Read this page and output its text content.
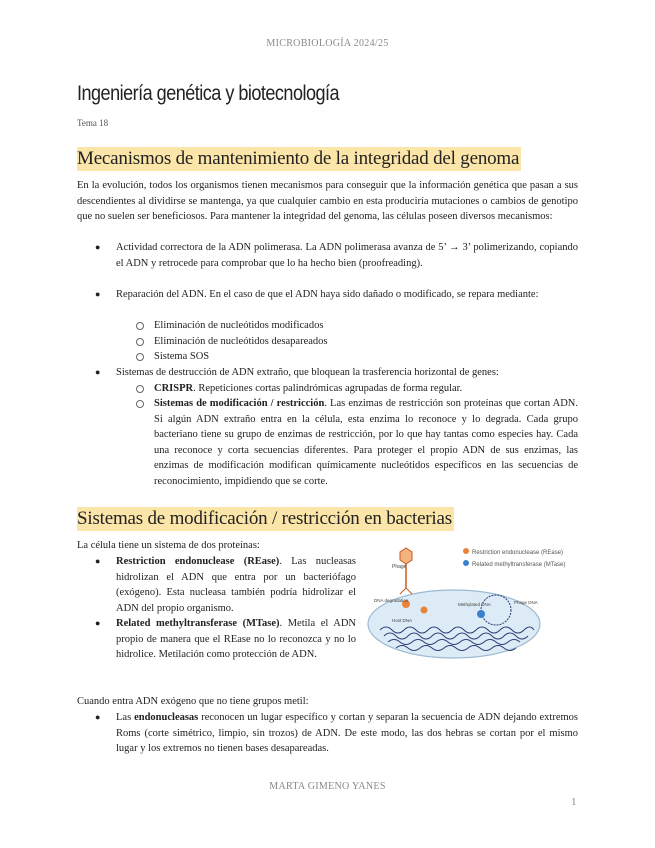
MICROBIOLOGÍA 2024/25
Ingeniería genética y biotecnología
Tema 18
Mecanismos de mantenimiento de la integridad del genoma
En la evolución, todos los organismos tienen mecanismos para conseguir que la información genética que pasan a sus descendientes al dividirse se mantenga, ya que cualquier cambio en esta produciría mutaciones o cambios de genotipo que no suelen ser beneficiosos. Para mantener la integridad del genoma, las células poseen diversos mecanismos:
● Actividad correctora de la ADN polimerasa. La ADN polimerasa avanza de 5’ → 3’ polimerizando, copiando el ADN y retrocede para comprobar que lo ha hecho bien (proofreading).
● Reparación del ADN. En el caso de que el ADN haya sido dañado o modificado, se repara mediante:
Eliminación de nucleótidos modificados
Eliminación de nucleótidos desapareados
Sistema SOS
● Sistemas de destrucción de ADN extraño, que bloquean la trasferencia horizontal de genes:
CRISPR. Repeticiones cortas palindrómicas agrupadas de forma regular.
Sistemas de modificación / restricción. Las enzimas de restricción son proteínas que cortan ADN. Si algún ADN extraño entra en la célula, esta enzima lo reconoce y lo degrada. Cada grupo bacteriano tiene su grupo de enzimas de restricción, por lo que hay tantas como especies hay. Cada una reconoce y corta secuencias diferentes. Para proteger el propio ADN de sus enzimas, las enzimas de modificación modifican químicamente nucleótidos específicos en las secuencias de reconocimiento, impidiendo que se corte.
Sistemas de modificación / restricción en bacterias
La célula tiene un sistema de dos proteínas:
● Restriction endonuclease (REase). Las nucleasas hidrolizan el ADN que entra por un bacteriófago (exógeno). Esta nucleasa también podría hidrolizar el ADN del propio organismo.
● Related methyltransferase (MTase). Metila el ADN propio de manera que el REase no lo reconozca y no lo hidrolice. Metilación como protección de ADN.
Restriction endonuclease (REase)
Related methyltransferase (MTase)
Phage
DNA degradation
Host DNA
Methylated DNA	Phage DNA
Cuando entra ADN exógeno que no tiene grupos metil:
● Las endonucleasas reconocen un lugar específico y cortan y separan la secuencia de ADN dejando extremos Roms (corte simétrico, limpio, sin trozos) de ADN. De este modo, las dos hebras se cortan por el mismo lugar y los extremos no tienen bases desapareadas.
MARTA GIMENO YANES
1
